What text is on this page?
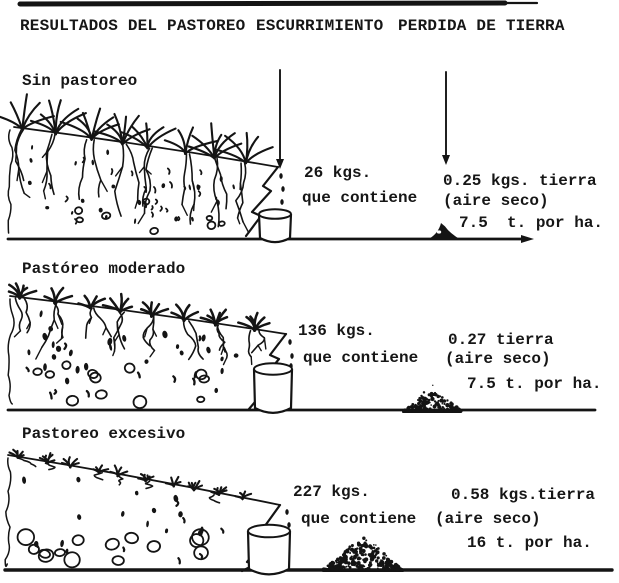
RESULTADOS DEL PASTOREO ESCURRIMIENTO PERDIDA DE TIERRA
Sin pastoreo
26 kgs.
que contiene
0.25 kgs. tierra
(aire seco)
7.5  t. por ha.
Pastóreo moderado
136 kgs.
que contiene
0.27 tierra
(aire seco)
7.5 t. por ha.
Pastoreo excesivo
227 kgs.
que contiene
0.58 kgs.tierra
(aire seco)
16 t. por ha.
